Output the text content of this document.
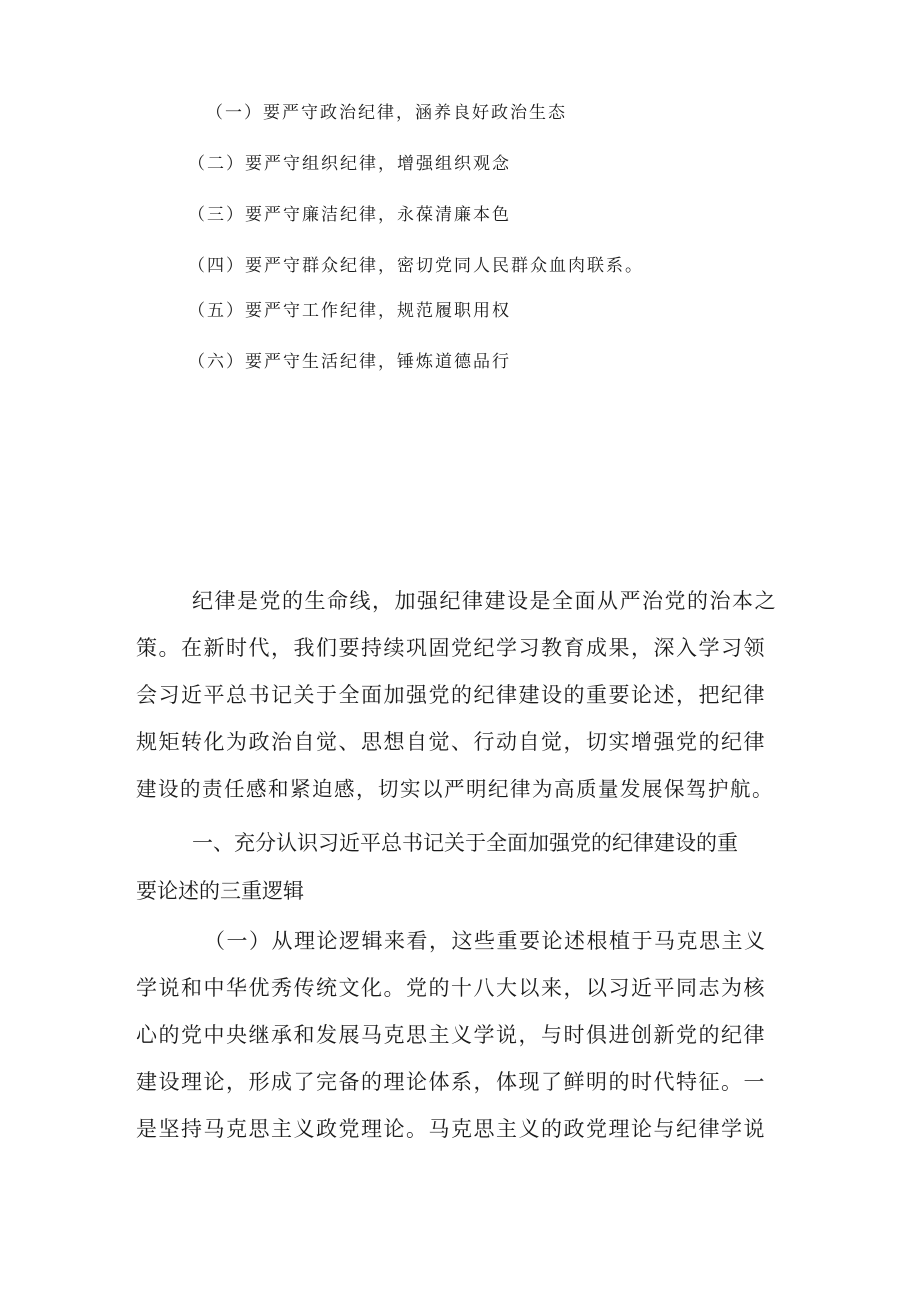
（一）要严守政治纪律，涵养良好政治生态
（二）要严守组织纪律，增强组织观念
（三）要严守廉洁纪律，永葆清廉本色
（四）要严守群众纪律，密切党同人民群众血肉联系。
（五）要严守工作纪律，规范履职用权
（六）要严守生活纪律，锤炼道德品行
纪律是党的生命线，加强纪律建设是全面从严治党的治本之
策。在新时代，我们要持续巩固党纪学习教育成果，深入学习领
会习近平总书记关于全面加强党的纪律建设的重要论述，把纪律
规矩转化为政治自觉、思想自觉、行动自觉，切实增强党的纪律
建设的责任感和紧迫感，切实以严明纪律为高质量发展保驾护航。
一、充分认识习近平总书记关于全面加强党的纪律建设的重
要论述的三重逻辑
（一）从理论逻辑来看，这些重要论述根植于马克思主义
学说和中华优秀传统文化。党的十八大以来，以习近平同志为核
心的党中央继承和发展马克思主义学说，与时俱进创新党的纪律
建设理论，形成了完备的理论体系，体现了鲜明的时代特征。一
是坚持马克思主义政党理论。马克思主义的政党理论与纪律学说
